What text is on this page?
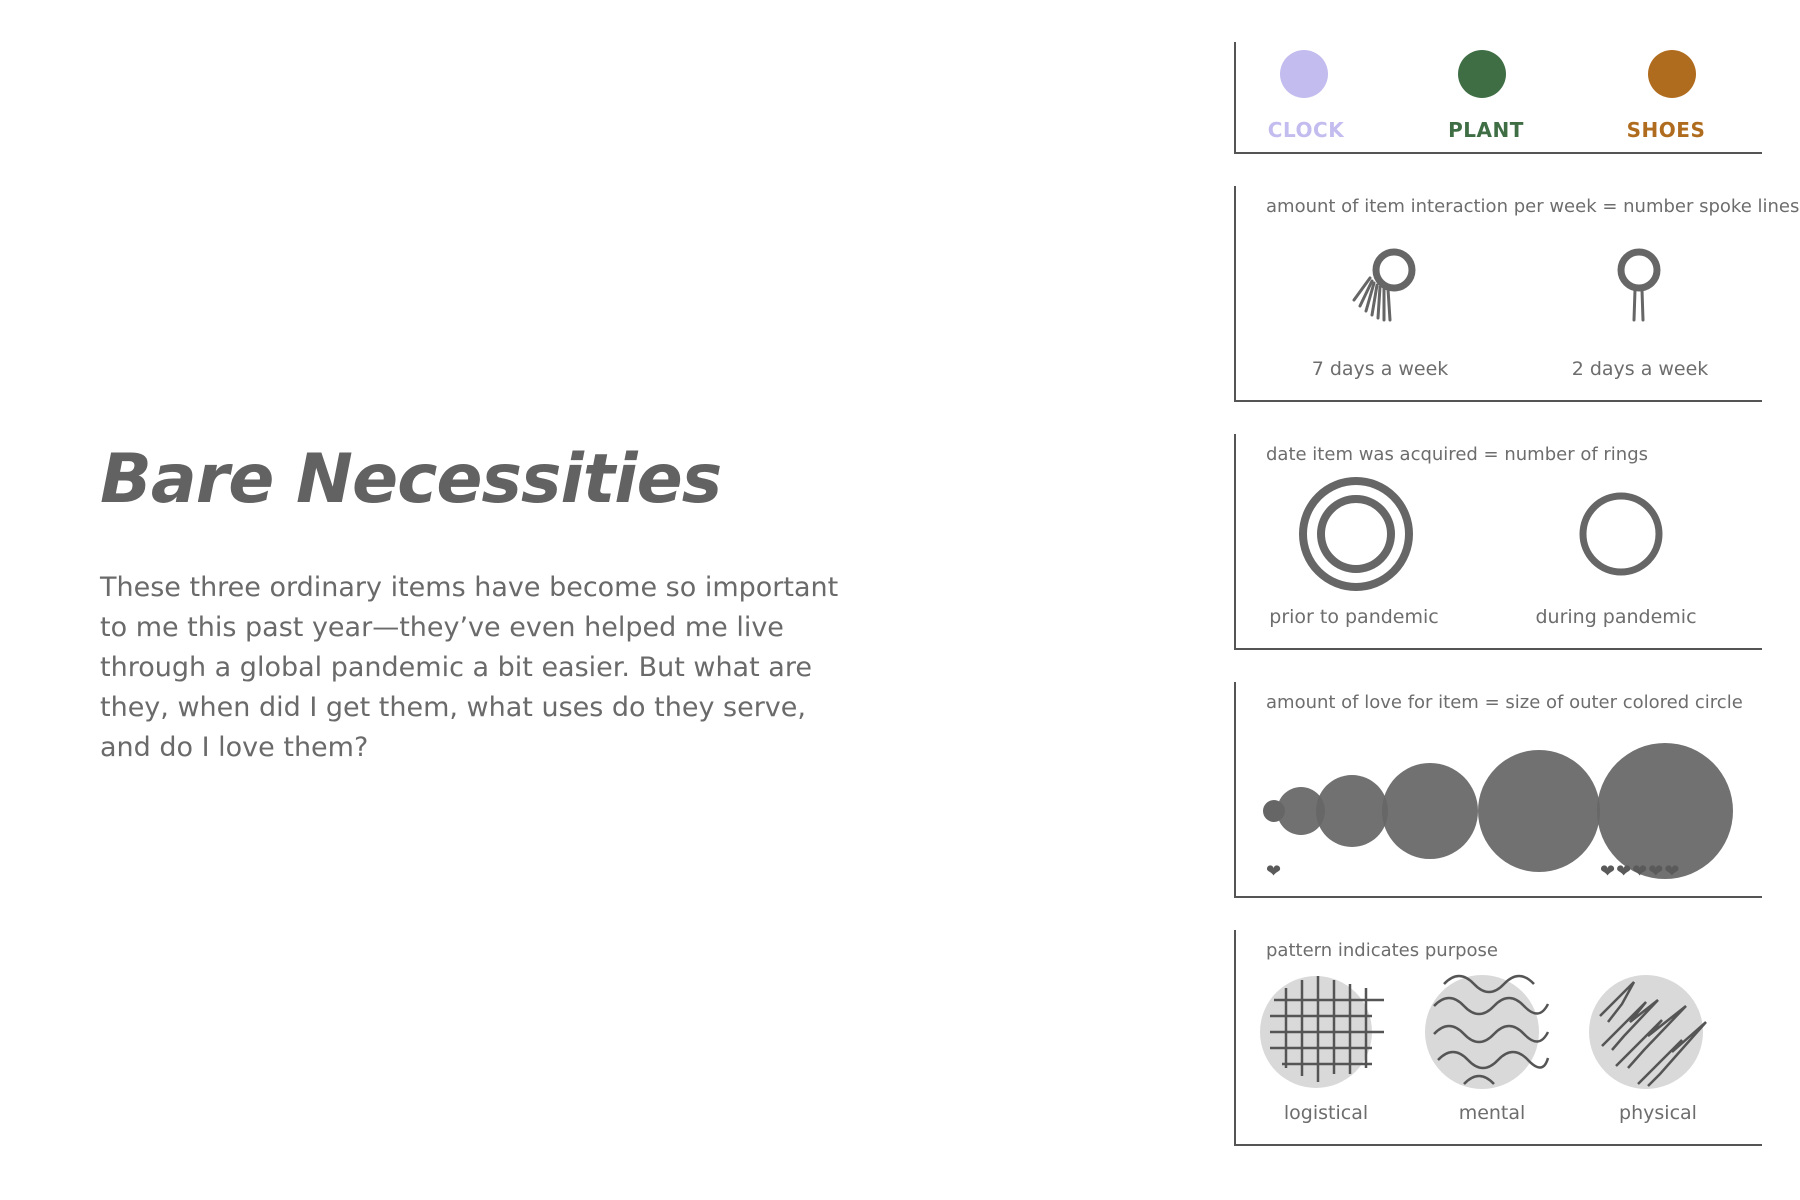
Bare Necessities

These three ordinary items have become so important to me this past year—they’ve even helped me live through a global pandemic a bit easier. But what are they, when did I get them, what uses do they serve, and do I love them?

CLOCK	PLANT	SHOES
amount of item interaction per week = number spoke lines
7 days a week	2 days a week
date item was acquired = number of rings
prior to pandemic	during pandemic
amount of love for item = size of outer colored circle
❤	❤❤❤❤❤
pattern indicates purpose
logistical	mental	physical
